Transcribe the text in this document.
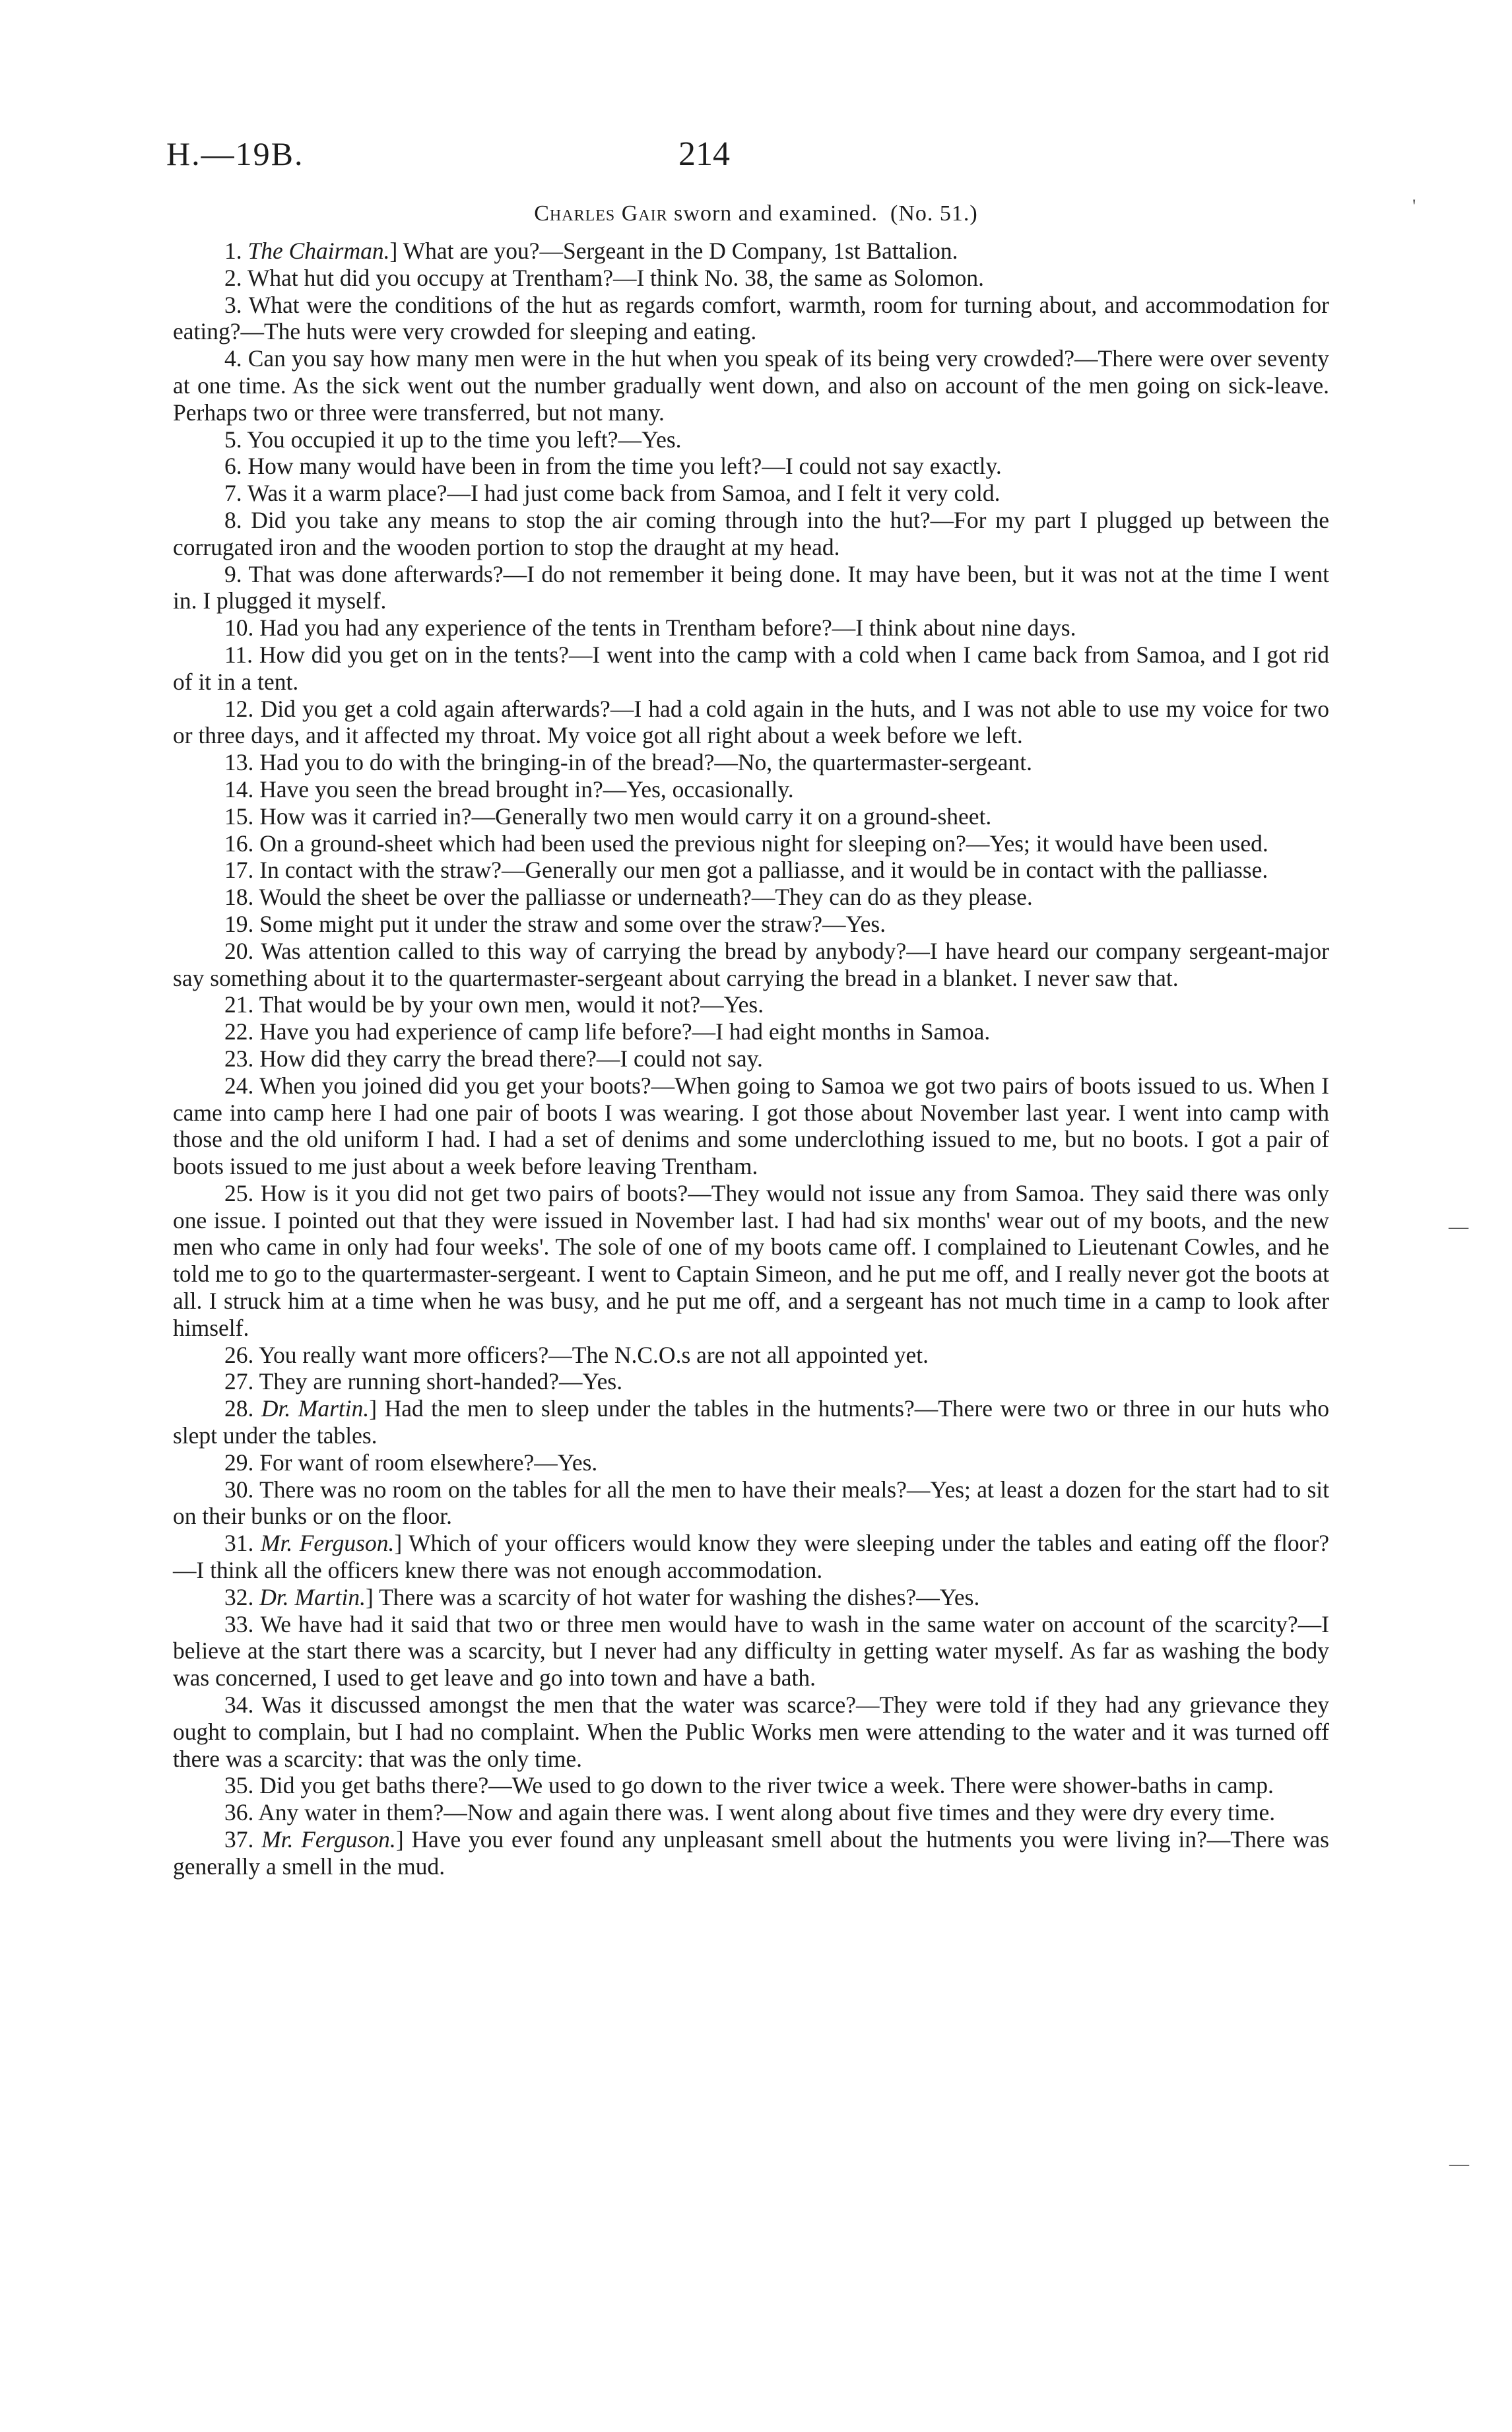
H.—19B.	214
Charles Gair sworn and examined. (No. 51.)

1. The Chairman.] What are you?—Sergeant in the D Company, 1st Battalion.

2. What hut did you occupy at Trentham?—I think No. 38, the same as Solomon.

3. What were the conditions of the hut as regards comfort, warmth, room for turning about, and accommodation for eating?—The huts were very crowded for sleeping and eating.

4. Can you say how many men were in the hut when you speak of its being very crowded?—There were over seventy at one time. As the sick went out the number gradually went down, and also on account of the men going on sick-leave. Perhaps two or three were transferred, but not many.

5. You occupied it up to the time you left?—Yes.

6. How many would have been in from the time you left?—I could not say exactly.

7. Was it a warm place?—I had just come back from Samoa, and I felt it very cold.

8. Did you take any means to stop the air coming through into the hut?—For my part I plugged up between the corrugated iron and the wooden portion to stop the draught at my head.

9. That was done afterwards?—I do not remember it being done. It may have been, but it was not at the time I went in. I plugged it myself.

10. Had you had any experience of the tents in Trentham before?—I think about nine days.

11. How did you get on in the tents?—I went into the camp with a cold when I came back from Samoa, and I got rid of it in a tent.

12. Did you get a cold again afterwards?—I had a cold again in the huts, and I was not able to use my voice for two or three days, and it affected my throat. My voice got all right about a week before we left.

13. Had you to do with the bringing-in of the bread?—No, the quartermaster-sergeant.

14. Have you seen the bread brought in?—Yes, occasionally.

15. How was it carried in?—Generally two men would carry it on a ground-sheet.

16. On a ground-sheet which had been used the previous night for sleeping on?—Yes; it would have been used.

17. In contact with the straw?—Generally our men got a palliasse, and it would be in contact with the palliasse.

18. Would the sheet be over the palliasse or underneath?—They can do as they please.

19. Some might put it under the straw and some over the straw?—Yes.

20. Was attention called to this way of carrying the bread by anybody?—I have heard our company sergeant-major say something about it to the quartermaster-sergeant about carrying the bread in a blanket. I never saw that.

21. That would be by your own men, would it not?—Yes.

22. Have you had experience of camp life before?—I had eight months in Samoa.

23. How did they carry the bread there?—I could not say.

24. When you joined did you get your boots?—When going to Samoa we got two pairs of boots issued to us. When I came into camp here I had one pair of boots I was wearing. I got those about November last year. I went into camp with those and the old uniform I had. I had a set of denims and some underclothing issued to me, but no boots. I got a pair of boots issued to me just about a week before leaving Trentham.

25. How is it you did not get two pairs of boots?—They would not issue any from Samoa. They said there was only one issue. I pointed out that they were issued in November last. I had had six months' wear out of my boots, and the new men who came in only had four weeks'. The sole of one of my boots came off. I complained to Lieutenant Cowles, and he told me to go to the quartermaster-sergeant. I went to Captain Simeon, and he put me off, and I really never got the boots at all. I struck him at a time when he was busy, and he put me off, and a sergeant has not much time in a camp to look after himself.

26. You really want more officers?—The N.C.O.s are not all appointed yet.

27. They are running short-handed?—Yes.

28. Dr. Martin.] Had the men to sleep under the tables in the hutments?—There were two or three in our huts who slept under the tables.

29. For want of room elsewhere?—Yes.

30. There was no room on the tables for all the men to have their meals?—Yes; at least a dozen for the start had to sit on their bunks or on the floor.

31. Mr. Ferguson.] Which of your officers would know they were sleeping under the tables and eating off the floor?—I think all the officers knew there was not enough accommodation.

32. Dr. Martin.] There was a scarcity of hot water for washing the dishes?—Yes.

33. We have had it said that two or three men would have to wash in the same water on account of the scarcity?—I believe at the start there was a scarcity, but I never had any difficulty in getting water myself. As far as washing the body was concerned, I used to get leave and go into town and have a bath.

34. Was it discussed amongst the men that the water was scarce?—They were told if they had any grievance they ought to complain, but I had no complaint. When the Public Works men were attending to the water and it was turned off there was a scarcity: that was the only time.

35. Did you get baths there?—We used to go down to the river twice a week. There were shower-baths in camp.

36. Any water in them?—Now and again there was. I went along about five times and they were dry every time.

37. Mr. Ferguson.] Have you ever found any unpleasant smell about the hutments you were living in?—There was generally a smell in the mud.

'
—
—
